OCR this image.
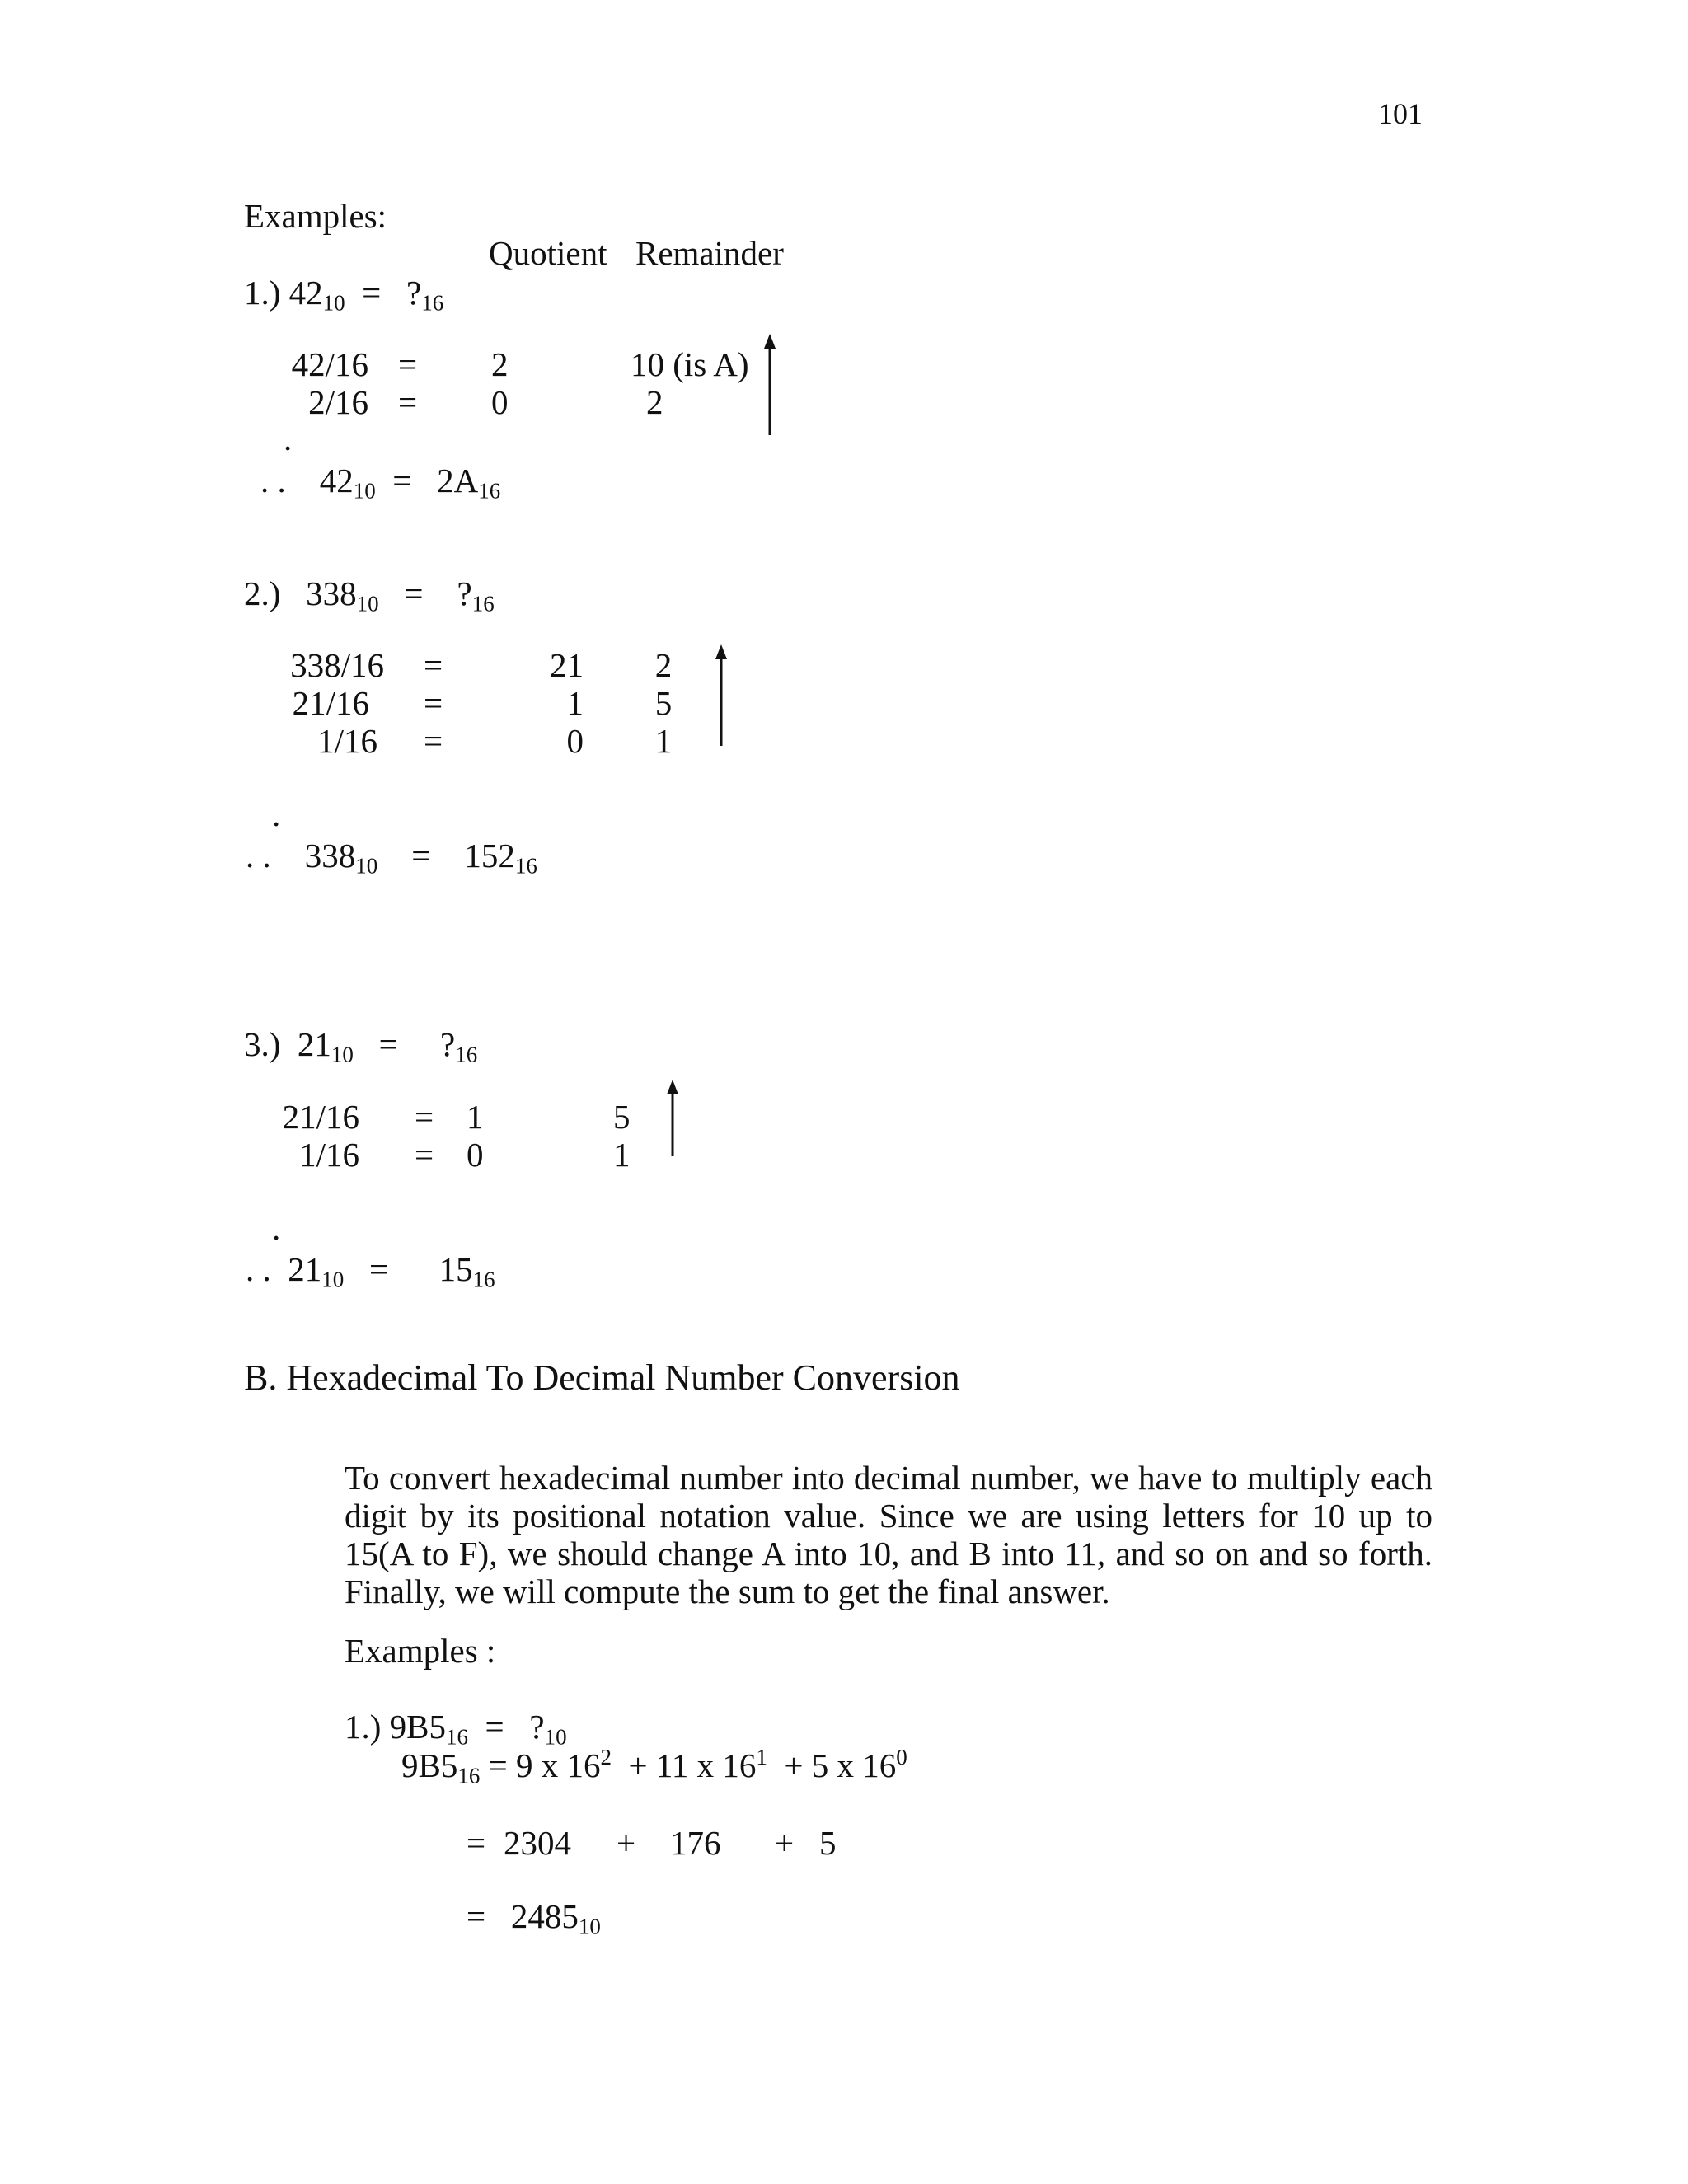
101
Examples:
Quotient Remainder
1.) $42_{10}$ = $?_{16}$
42/16 = 2	10 (is A)
2/16 = 0	2
.
. . $42_{10} = 2A_{16}$
2.) $338_{10}$ = $?_{16}$
338/16 =	21 2
21/16 =	1 5
1/16 =	0 1
.
. . $338_{10} = 152_{16}$
3.) $21_{10}$ = $?_{16}$
21/16 = 1	5
1/16 = 0	1
.
. . $21_{10} = 15_{16}$
B. Hexadecimal To Decimal Number Conversion
To convert hexadecimal number into decimal number, we have to multiply each digit by its positional notation value. Since we are using letters for 10 up to 15(A to F), we should change A into 10, and B into 11, and so on and so forth. Finally, we will compute the sum to get the final answer.
Examples :
1.) $9B5_{16}$ = $?_{10}$
$9B5_{16} = 9$ x $16^2 + 11$ x $16^1 + 5$ x $16^0$
= 2304 + 176 + 5
= $2485_{10}$
